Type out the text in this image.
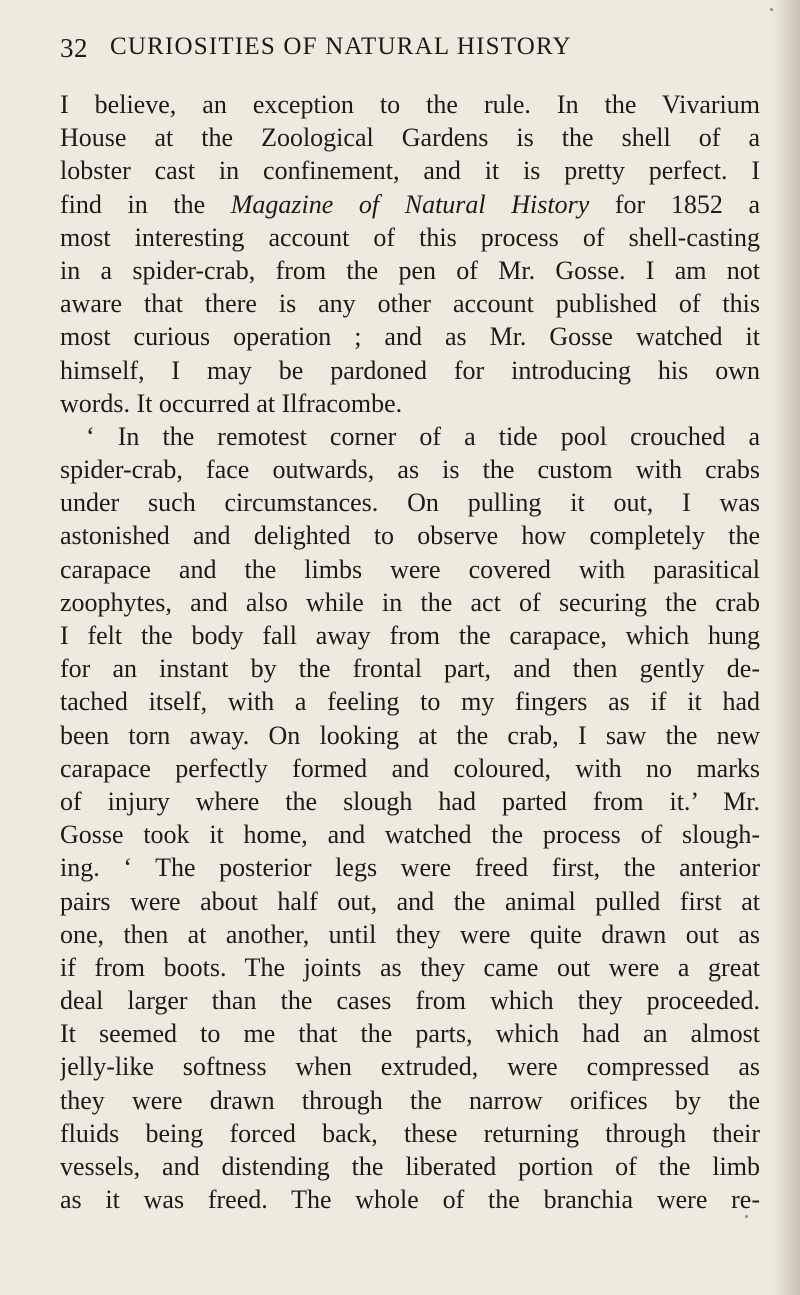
32 CURIOSITIES OF NATURAL HISTORY
I believe, an exception to the rule. In the Vivarium
House at the Zoological Gardens is the shell of a
lobster cast in confinement, and it is pretty perfect. I
find in the Magazine of Natural History for 1852 a
most interesting account of this process of shell-casting
in a spider-crab, from the pen of Mr. Gosse. I am not
aware that there is any other account published of this
most curious operation ; and as Mr. Gosse watched it
himself, I may be pardoned for introducing his own
words. It occurred at Ilfracombe.
‘ In the remotest corner of a tide pool crouched a
spider-crab, face outwards, as is the custom with crabs
under such circumstances. On pulling it out, I was
astonished and delighted to observe how completely the
carapace and the limbs were covered with parasitical
zoophytes, and also while in the act of securing the crab
I felt the body fall away from the carapace, which hung
for an instant by the frontal part, and then gently de-
tached itself, with a feeling to my fingers as if it had
been torn away. On looking at the crab, I saw the new
carapace perfectly formed and coloured, with no marks
of injury where the slough had parted from it.’ Mr.
Gosse took it home, and watched the process of slough-
ing. ‘ The posterior legs were freed first, the anterior
pairs were about half out, and the animal pulled first at
one, then at another, until they were quite drawn out as
if from boots. The joints as they came out were a great
deal larger than the cases from which they proceeded.
It seemed to me that the parts, which had an almost
jelly-like softness when extruded, were compressed as
they were drawn through the narrow orifices by the
fluids being forced back, these returning through their
vessels, and distending the liberated portion of the limb
as it was freed. The whole of the branchia were re-
